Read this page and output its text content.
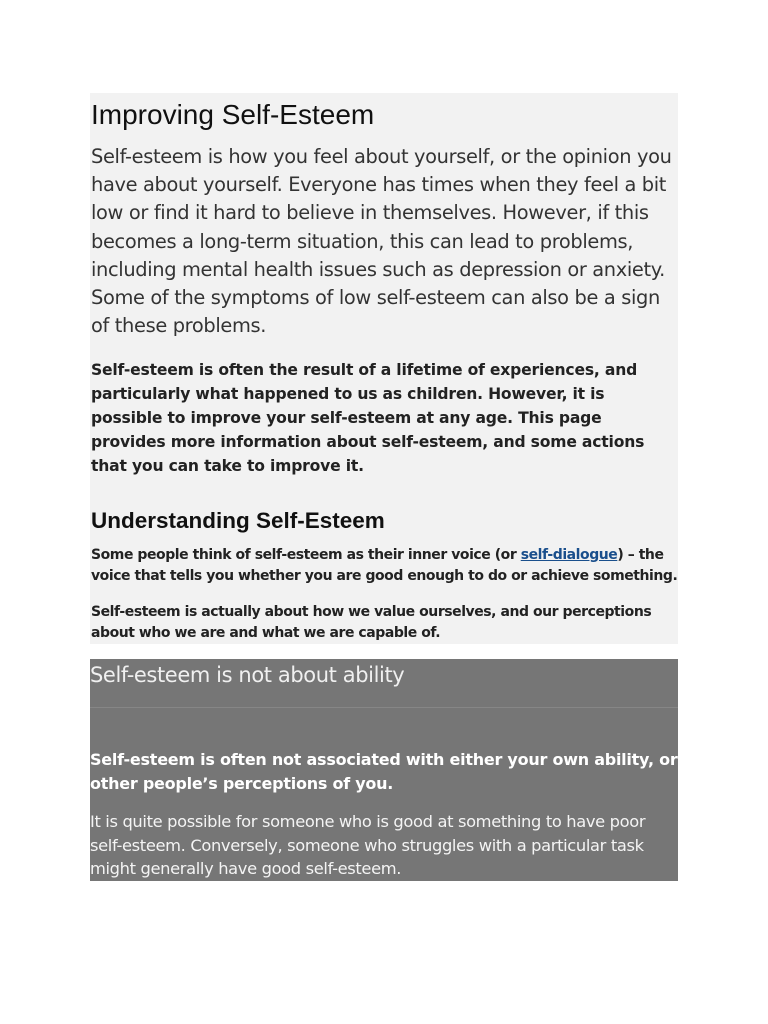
Improving Self-Esteem

Self-esteem is how you feel about yourself, or the opinion you have about yourself. Everyone has times when they feel a bit low or find it hard to believe in themselves. However, if this becomes a long-term situation, this can lead to problems, including mental health issues such as depression or anxiety. Some of the symptoms of low self-esteem can also be a sign of these problems.

Self-esteem is often the result of a lifetime of experiences, and particularly what happened to us as children. However, it is possible to improve your self-esteem at any age. This page provides more information about self-esteem, and some actions that you can take to improve it.

Understanding Self-Esteem

Some people think of self-esteem as their inner voice (or self-dialogue) – the voice that tells you whether you are good enough to do or achieve something.

Self-esteem is actually about how we value ourselves, and our perceptions about who we are and what we are capable of.

Self-esteem is not about ability

Self-esteem is often not associated with either your own ability, or other people’s perceptions of you.

It is quite possible for someone who is good at something to have poor self-esteem. Conversely, someone who struggles with a particular task might generally have good self-esteem.
